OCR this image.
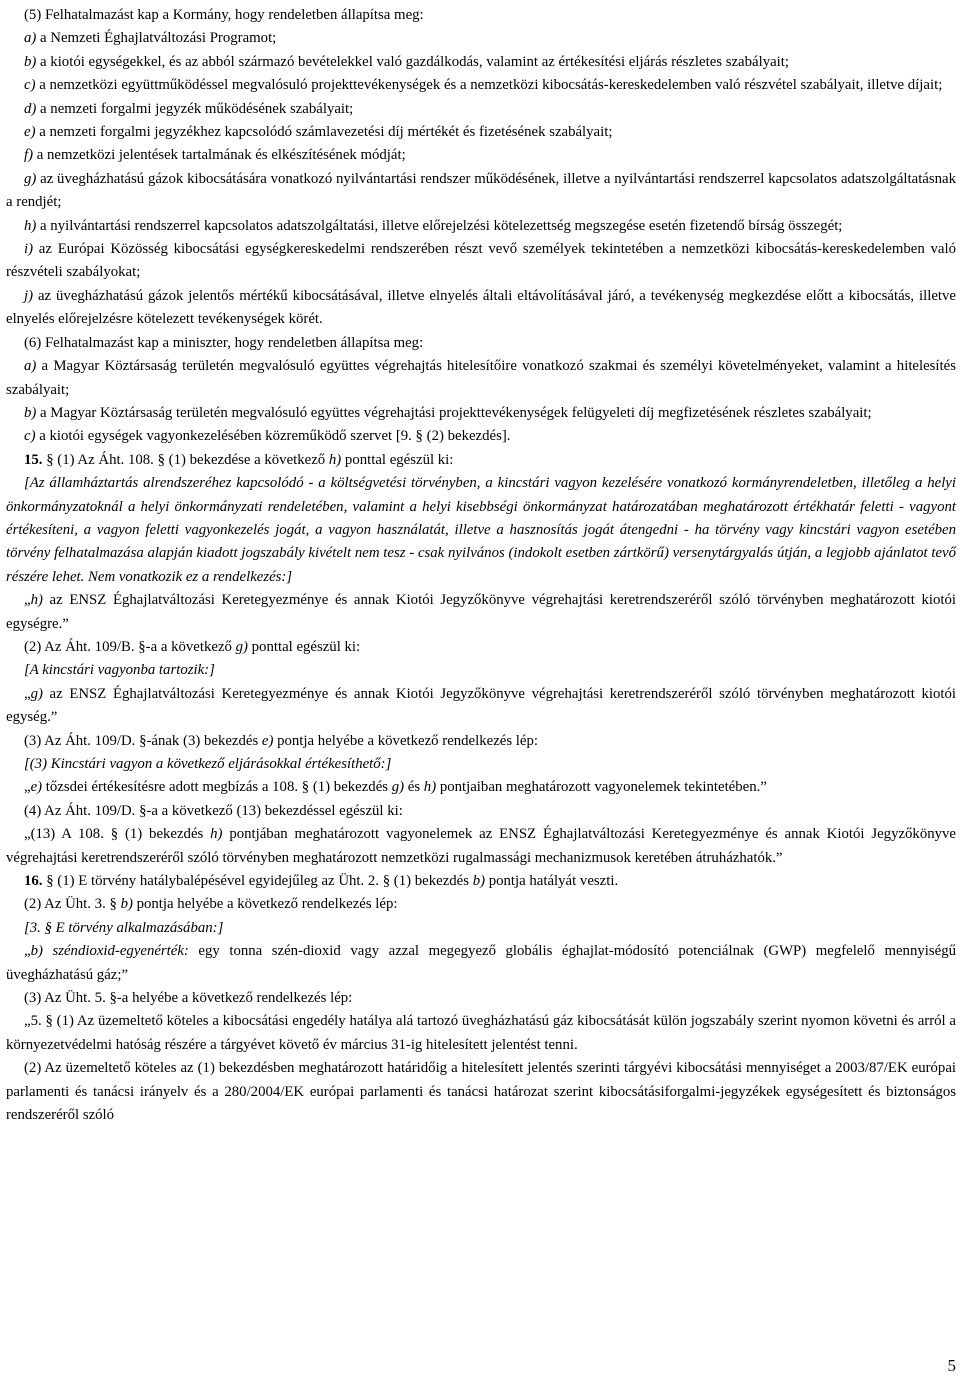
(5) Felhatalmazást kap a Kormány, hogy rendeletben állapítsa meg:

a) a Nemzeti Éghajlatváltozási Programot;

b) a kiotói egységekkel, és az abból származó bevételekkel való gazdálkodás, valamint az értékesítési eljárás részletes szabályait;

c) a nemzetközi együttműködéssel megvalósuló projekttevékenységek és a nemzetközi kibocsátás-kereskedelemben való részvétel szabályait, illetve díjait;

d) a nemzeti forgalmi jegyzék működésének szabályait;

e) a nemzeti forgalmi jegyzékhez kapcsolódó számlavezetési díj mértékét és fizetésének szabályait;

f) a nemzetközi jelentések tartalmának és elkészítésének módját;

g) az üvegházhatású gázok kibocsátására vonatkozó nyilvántartási rendszer működésének, illetve a nyilvántartási rendszerrel kapcsolatos adatszolgáltatásnak a rendjét;

h) a nyilvántartási rendszerrel kapcsolatos adatszolgáltatási, illetve előrejelzési kötelezettség megszegése esetén fizetendő bírság összegét;

i) az Európai Közösség kibocsátási egységkereskedelmi rendszerében részt vevő személyek tekintetében a nemzetközi kibocsátás-kereskedelemben való részvételi szabályokat;

j) az üvegházhatású gázok jelentős mértékű kibocsátásával, illetve elnyelés általi eltávolításával járó, a tevékenység megkezdése előtt a kibocsátás, illetve elnyelés előrejelzésre kötelezett tevékenységek körét.

(6) Felhatalmazást kap a miniszter, hogy rendeletben állapítsa meg:

a) a Magyar Köztársaság területén megvalósuló együttes végrehajtás hitelesítőire vonatkozó szakmai és személyi követelményeket, valamint a hitelesítés szabályait;

b) a Magyar Köztársaság területén megvalósuló együttes végrehajtási projekttevékenységek felügyeleti díj megfizetésének részletes szabályait;

c) a kiotói egységek vagyonkezelésében közreműködő szervet [9. § (2) bekezdés].

15. § (1) Az Áht. 108. § (1) bekezdése a következő h) ponttal egészül ki:

[Az államháztartás alrendszeréhez kapcsolódó - a költségvetési törvényben, a kincstári vagyon kezelésére vonatkozó kormányrendeletben, illetőleg a helyi önkormányzatoknál a helyi önkormányzati rendeletében, valamint a helyi kisebbségi önkormányzat határozatában meghatározott értékhatár feletti - vagyont értékesíteni, a vagyon feletti vagyonkezelés jogát, a vagyon használatát, illetve a hasznosítás jogát átengedni - ha törvény vagy kincstári vagyon esetében törvény felhatalmazása alapján kiadott jogszabály kivételt nem tesz - csak nyilvános (indokolt esetben zártkörű) versenytárgyalás útján, a legjobb ajánlatot tevő részére lehet. Nem vonatkozik ez a rendelkezés:]

„h) az ENSZ Éghajlatváltozási Keretegyezménye és annak Kiotói Jegyzőkönyve végrehajtási keretrendszeréről szóló törvényben meghatározott kiotói egységre.”

(2) Az Áht. 109/B. §-a a következő g) ponttal egészül ki:

[A kincstári vagyonba tartozik:]

„g) az ENSZ Éghajlatváltozási Keretegyezménye és annak Kiotói Jegyzőkönyve végrehajtási keretrendszeréről szóló törvényben meghatározott kiotói egység.”

(3) Az Áht. 109/D. §-ának (3) bekezdés e) pontja helyébe a következő rendelkezés lép:

[(3) Kincstári vagyon a következő eljárásokkal értékesíthető:]

„e) tőzsdei értékesítésre adott megbízás a 108. § (1) bekezdés g) és h) pontjaiban meghatározott vagyonelemek tekintetében.”

(4) Az Áht. 109/D. §-a a következő (13) bekezdéssel egészül ki:

„(13) A 108. § (1) bekezdés h) pontjában meghatározott vagyonelemek az ENSZ Éghajlatváltozási Keretegyezménye és annak Kiotói Jegyzőkönyve végrehajtási keretrendszeréről szóló törvényben meghatározott nemzetközi rugalmassági mechanizmusok keretében átruházhatók.”

16. § (1) E törvény hatálybalépésével egyidejűleg az Üht. 2. § (1) bekezdés b) pontja hatályát veszti.

(2) Az Üht. 3. § b) pontja helyébe a következő rendelkezés lép:

[3. § E törvény alkalmazásában:]

„b) széndioxid-egyenérték: egy tonna szén-dioxid vagy azzal megegyező globális éghajlat-módosító potenciálnak (GWP) megfelelő mennyiségű üvegházhatású gáz;”

(3) Az Üht. 5. §-a helyébe a következő rendelkezés lép:

„5. § (1) Az üzemeltető köteles a kibocsátási engedély hatálya alá tartozó üvegházhatású gáz kibocsátását külön jogszabály szerint nyomon követni és arról a környezetvédelmi hatóság részére a tárgyévet követő év március 31-ig hitelesített jelentést tenni.

(2) Az üzemeltető köteles az (1) bekezdésben meghatározott határidőig a hitelesített jelentés szerinti tárgyévi kibocsátási mennyiséget a 2003/87/EK európai parlamenti és tanácsi irányelv és a 280/2004/EK európai parlamenti és tanácsi határozat szerint kibocsátásiforgalmi-jegyzékek egységesített és biztonságos rendszeréről szóló

5
